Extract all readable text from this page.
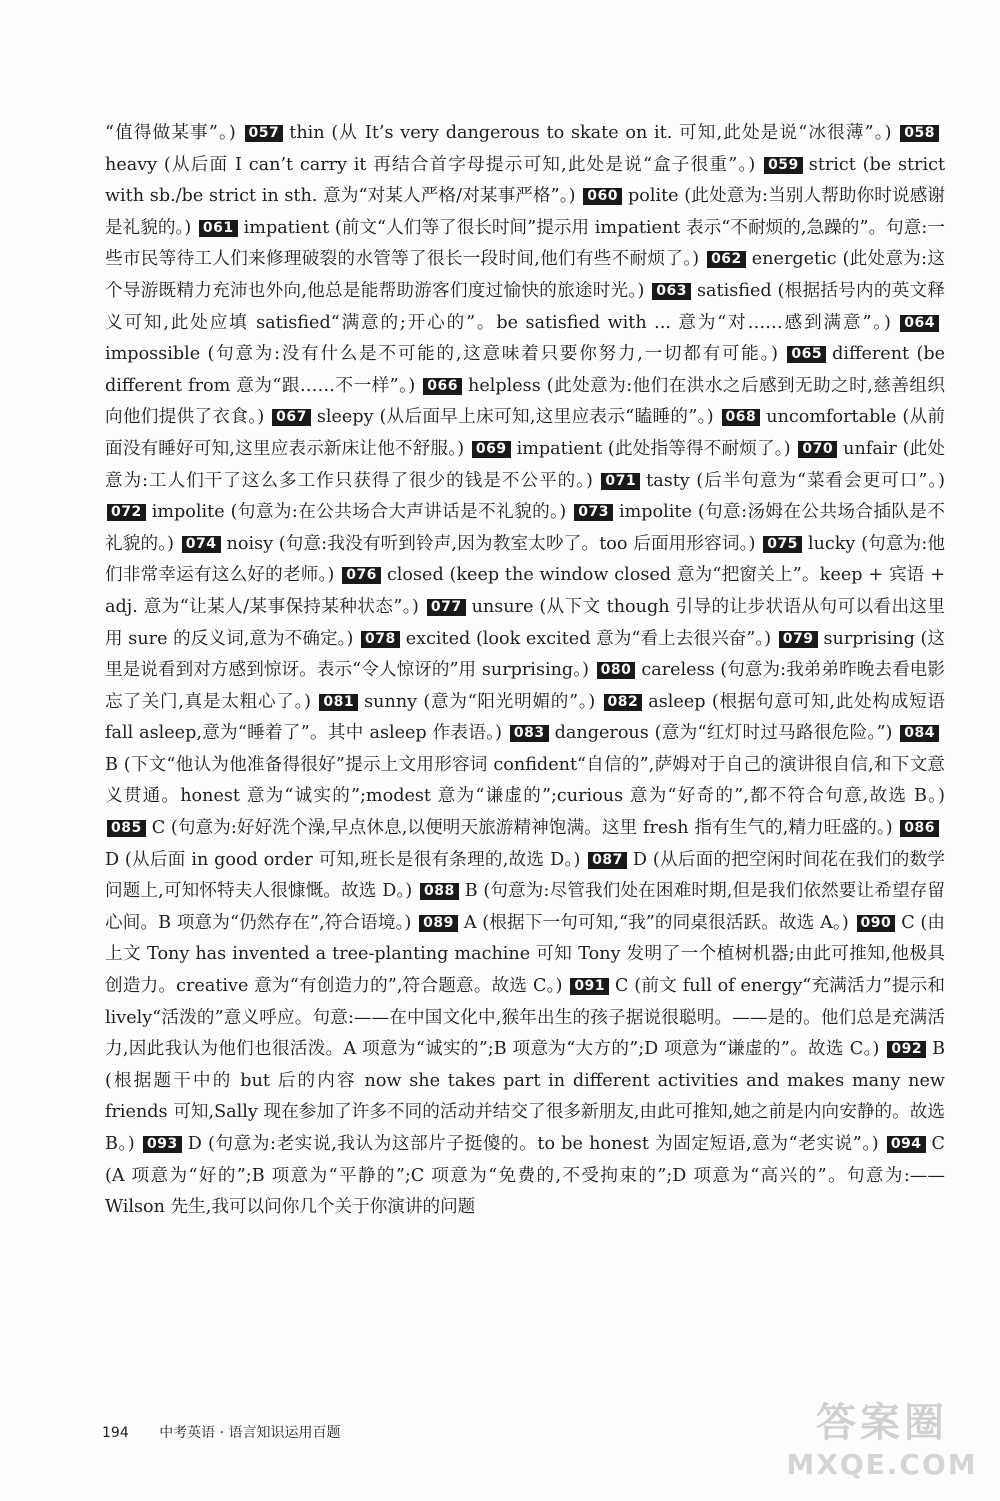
“值得做某事”。) 057 thin (从 It’s very dangerous to skate on it. 可知,此处是说“冰很薄”。) 058heavy (从后面 I can’t carry it 再结合首字母提示可知,此处是说“盒子很重”。) 059 strict (be strict with sb./be strict in sth. 意为“对某人严格/对某事严格”。) 060 polite (此处意为:当别人帮助你时说感谢是礼貌的。) 061 impatient (前文“人们等了很长时间”提示用 impatient 表示“不耐烦的,急躁的”。句意:一些市民等待工人们来修理破裂的水管等了很长一段时间,他们有些不耐烦了。) 062 energetic (此处意为:这个导游既精力充沛也外向,他总是能帮助游客们度过愉快的旅途时光。) 063 satisfied (根据括号内的英文释义可知,此处应填 satisfied“满意的;开心的”。be satisfied with ... 意为“对……感到满意”。) 064impossible (句意为:没有什么是不可能的,这意味着只要你努力,一切都有可能。) 065 different (be different from 意为“跟……不一样”。) 066 helpless (此处意为:他们在洪水之后感到无助之时,慈善组织向他们提供了衣食。) 067 sleepy (从后面早上床可知,这里应表示“瞌睡的”。) 068 uncomfortable (从前面没有睡好可知,这里应表示新床让他不舒服。) 069 impatient (此处指等得不耐烦了。) 070 unfair (此处意为:工人们干了这么多工作只获得了很少的钱是不公平的。) 071 tasty (后半句意为“菜看会更可口”。) 072 impolite (句意为:在公共场合大声讲话是不礼貌的。) 073 impolite (句意:汤姆在公共场合插队是不礼貌的。) 074 noisy (句意:我没有听到铃声,因为教室太吵了。too 后面用形容词。) 075 lucky (句意为:他们非常幸运有这么好的老师。) 076 closed (keep the window closed 意为“把窗关上”。keep + 宾语 + adj. 意为“让某人/某事保持某种状态”。) 077 unsure (从下文 though 引导的让步状语从句可以看出这里用 sure 的反义词,意为不确定。) 078 excited (look excited 意为“看上去很兴奋”。) 079 surprising (这里是说看到对方感到惊讶。表示“令人惊讶的”用 surprising。) 080 careless (句意为:我弟弟昨晚去看电影忘了关门,真是太粗心了。) 081 sunny (意为“阳光明媚的”。) 082 asleep (根据句意可知,此处构成短语 fall asleep,意为“睡着了”。其中 asleep 作表语。) 083 dangerous (意为“红灯时过马路很危险。”) 084B (下文“他认为他准备得很好”提示上文用形容词 confident“自信的”,萨姆对于自己的演讲很自信,和下文意义贯通。honest 意为“诚实的”;modest 意为“谦虚的”;curious 意为“好奇的”,都不符合句意,故选 B。) 085 C (句意为:好好洗个澡,早点休息,以便明天旅游精神饱满。这里 fresh 指有生气的,精力旺盛的。) 086D (从后面 in good order 可知,班长是很有条理的,故选 D。) 087 D (从后面的把空闲时间花在我们的数学问题上,可知怀特夫人很慷慨。故选 D。) 088 B (句意为:尽管我们处在困难时期,但是我们依然要让希望存留心间。B 项意为“仍然存在”,符合语境。) 089 A (根据下一句可知,“我”的同桌很活跃。故选 A。) 090 C (由上文 Tony has invented a tree-planting machine 可知 Tony 发明了一个植树机器;由此可推知,他极具创造力。creative 意为“有创造力的”,符合题意。故选 C。) 091 C (前文 full of energy“充满活力”提示和 lively“活泼的”意义呼应。句意:——在中国文化中,猴年出生的孩子据说很聪明。——是的。他们总是充满活力,因此我认为他们也很活泼。A 项意为“诚实的”;B 项意为“大方的”;D 项意为“谦虚的”。故选 C。) 092 B (根据题干中的 but 后的内容 now she takes part in different activities and makes many new friends 可知,Sally 现在参加了许多不同的活动并结交了很多新朋友,由此可推知,她之前是内向安静的。故选 B。) 093 D (句意为:老实说,我认为这部片子挺傻的。to be honest 为固定短语,意为“老实说”。) 094 C (A 项意为“好的”;B 项意为“平静的”;C 项意为“免费的,不受拘束的”;D 项意为“高兴的”。句意为:——Wilson 先生,我可以问你几个关于你演讲的问题

194 中考英语 · 语言知识运用百题	答案圈
MXQE.COM
